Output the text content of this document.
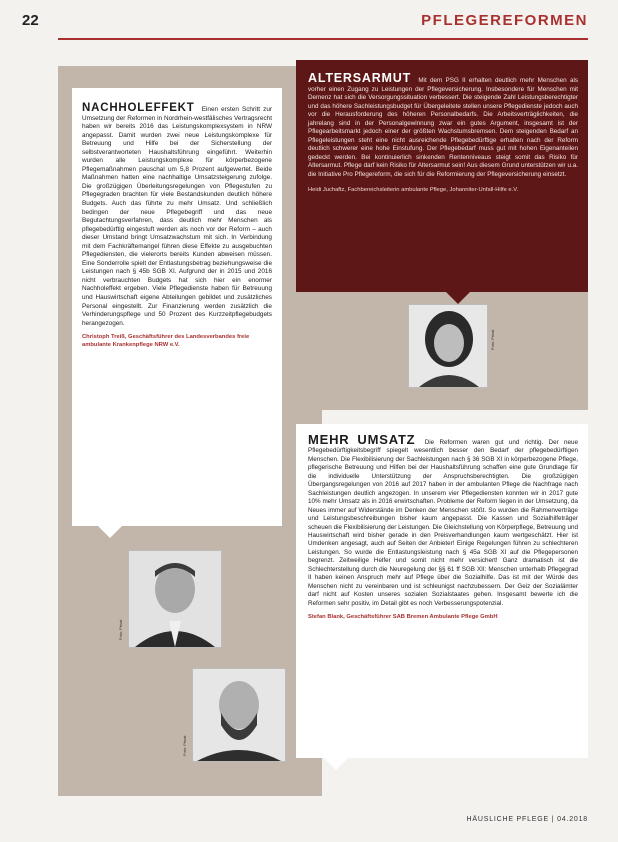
22	PFLEGEREFORMEN
ALTERSARMUT Mit dem PSG II erhalten deutlich mehr Menschen als vorher einen Zugang zu Leistungen der Pflegeversicherung. Insbesondere für Menschen mit Demenz hat sich die Versorgungssituation verbessert. Die steigende Zahl Leistungsberechtigter und das höhere Sachleistungsbudget für Übergeleitete stellen unsere Pflegedienste jedoch auch vor die Herausforderung des höheren Personalbedarfs. Die Arbeitsverträglichkeiten, die jahrelang sind in der Personalgewinnung zwar ein gutes Argument, insgesamt ist der Pflegearbeitsmarkt jedoch einer der größten Wachstumsbremsen. Dem steigenden Bedarf an Pflegeleistungen steht eine nicht ausreichende Pflegebedürftige erhalten nach der Reform deutlich schwerer eine hohe Einstufung. Der Pflegebedarf muss gut mit hohen Eigenanteilen gedeckt werden. Bei kontinuierlich sinkenden Rentenniveaus steigt somit das Risiko für Altersarmut. Pflege darf kein Risiko für Altersarmut sein! Aus diesem Grund unterstützen wir u.a. die Initiative Pro Pflegereform, die sich für die Reformierung der Pflegeversicherung einsetzt.
Heidi Juchaftz, Fachbereichsleiterin ambulante Pflege, Johanniter-Unfall-Hilfe e.V.
NACHHOLEFFEKT Einen ersten Schritt zur Umsetzung der Reformen in Nordrhein-westfälisches Vertragsrecht haben wir bereits 2016 das Leistungskomplexsystem in NRW angepasst. Damit wurden zwei neue Leistungskomplexe für Betreuung und Hilfe bei der Sicherstellung der selbstverantworteten Haushaltsführung eingeführt. Weiterhin wurden alle Leistungskomplexe für körperbezogene Pflegemaßnahmen pauschal um 5,8 Prozent aufgewertet. Beide Maßnahmen hatten eine nachhaltige Umsatzsteigerung zufolge. Die großzügigen Überleitungsregelungen von Pflegestufen zu Pflegegraden brachten für viele Bestandskunden deutlich höhere Budgets. Auch das führte zu mehr Umsatz. Und schließlich bedingen der neue Pflegebegriff und das neue Begutachtungsverfahren, dass deutlich mehr Menschen als pflegebedürftig eingestuft werden als noch vor der Reform – auch dieser Umstand bringt Umsatzwachstum mit sich. In Verbindung mit dem Fachkräftemangel führen diese Effekte zu ausgebuchten Pflegediensten, die vielerorts bereits Kunden abweisen müssen. Eine Sonderrolle spielt der Entlastungsbetrag beziehungsweise die Leistungen nach § 45b SGB XI. Aufgrund der in 2015 und 2016 nicht verbrauchten Budgets hat sich hier ein enormer Nachholeffekt ergeben. Viele Pflegedienste haben für Betreuung und Hauswirtschaft eigene Abteilungen gebildet und zusätzliches Personal eingestellt. Zur Finanzierung werden zusätzlich die Verhinderungspflege und 50 Prozent des Kurzzeitpflegebudgets herangezogen.
Christoph Treiß, Geschäftsführer des Landesverbandes freie ambulante Krankenpflege NRW e.V.	Foto: Privat
Foto: Privat
Foto: Privat
MEHR UMSATZ Die Reformen waren gut und richtig. Der neue Pflegebedürftigkeitsbegriff spiegelt wesentlich besser den Bedarf der pflegebedürftigen Menschen. Die Flexibilisierung der Sachleistungen nach § 36 SGB XI in körperbezogene Pflege, pflegerische Betreuung und Hilfen bei der Haushaltsführung schaffen eine gute Grundlage für die individuelle Unterstützung der Anspruchsberechtigten. Die großzügigen Übergangsregelungen von 2016 auf 2017 haben in der ambulanten Pflege die Nachfrage nach Sachleistungen deutlich angezogen. In unserem vier Pflegediensten konnten wir in 2017 gute 10% mehr Umsatz als in 2016 erwirtschaften. Probleme der Reform liegen in der Umsetzung, da Neues immer auf Widerstände im Denken der Menschen stößt. So wurden die Rahmenverträge und Leistungsbeschreibungen bisher kaum angepasst. Die Kassen und Sozialhilfeträger scheuen die Flexibilisierung der Leistungen. Die Gleichstellung von Körperpflege, Betreuung und Hauswirtschaft wird bisher gerade in den Preisverhandlungen kaum wertgeschätzt. Hier ist Umdenken angesagt, auch auf Seiten der Anbieter! Einige Regelungen führen zu schlechteren Leistungen. So wurde die Entlastungsleistung nach § 45a SGB XI auf die Pflegepersonen begrenzt. Zeitweilige Helfer und somit nicht mehr versichert! Ganz dramatisch ist die Schlechterstellung durch die Neuregelung der §§ 61 ff SGB XII: Menschen unterhalb Pflegegrad II haben keinen Anspruch mehr auf Pflege über die Sozialhilfe. Das ist mit der Würde des Menschen nicht zu vereinbaren und ist schleunigst nachzubessern. Der Geiz der Sozialämter darf nicht auf Kosten unseres sozialen Sozialstaates gehen. Insgesamt bewerte ich die Reformen sehr positiv, im Detail gibt es noch Verbesserungspotenzial.
Stefan Blank, Geschäftsführer SAB Bremen Ambulante Pflege GmbH
HÄUSLICHE PFLEGE | 04.2018
